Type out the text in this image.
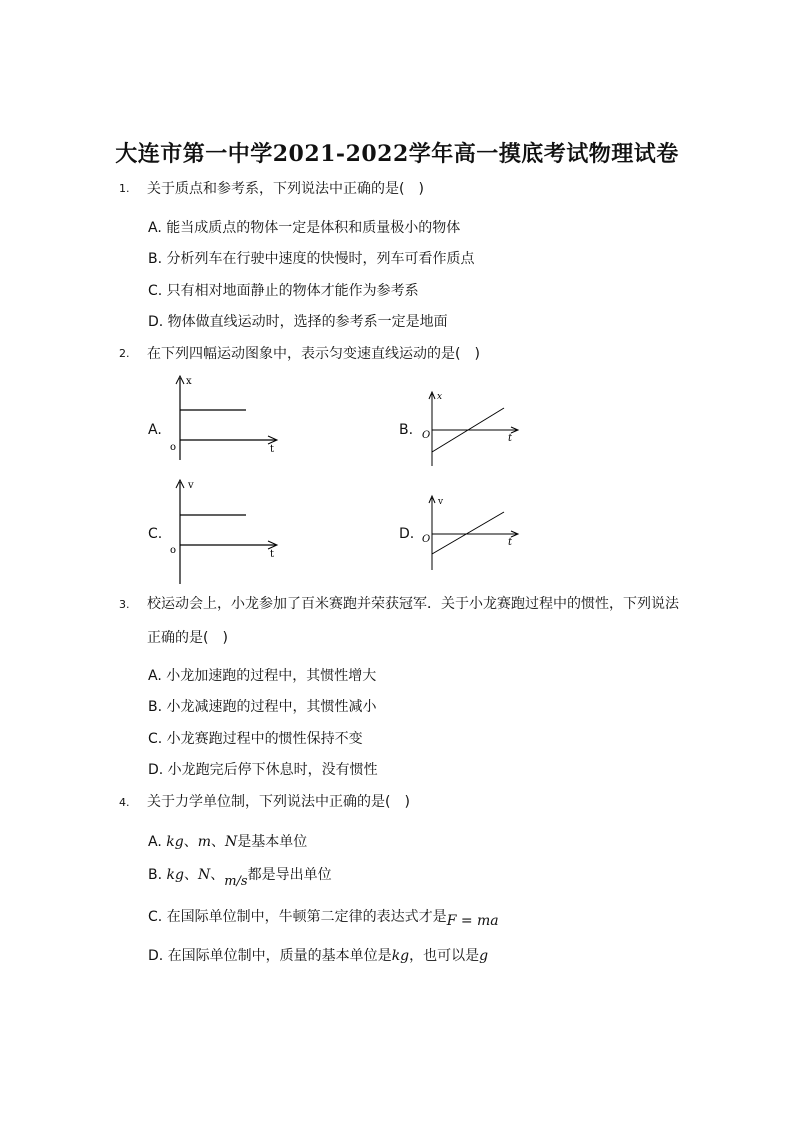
大连市第一中学2021-2022学年高一摸底考试物理试卷
1. 关于质点和参考系，下列说法中正确的是(　)
A. 能当成质点的物体一定是体积和质量极小的物体
B. 分析列车在行驶中速度的快慢时，列车可看作质点
C. 只有相对地面静止的物体才能作为参考系
D. 物体做直线运动时，选择的参考系一定是地面
2. 在下列四幅运动图象中，表示匀变速直线运动的是(　)
A.
x
t
o
B.
x
t
O
C.
v
t
o
D.
v
t
O
3. 校运动会上，小龙参加了百米赛跑并荣获冠军．关于小龙赛跑过程中的惯性，下列说法
正确的是(　)
A. 小龙加速跑的过程中，其惯性增大
B. 小龙减速跑的过程中，其惯性减小
C. 小龙赛跑过程中的惯性保持不变
D. 小龙跑完后停下休息时，没有惯性
4. 关于力学单位制，下列说法中正确的是(　)
A. kg、m、N是基本单位
B. kg、N、m/s都是导出单位
C. 在国际单位制中，牛顿第二定律的表达式才是F = ma
D. 在国际单位制中，质量的基本单位是kg，也可以是g
